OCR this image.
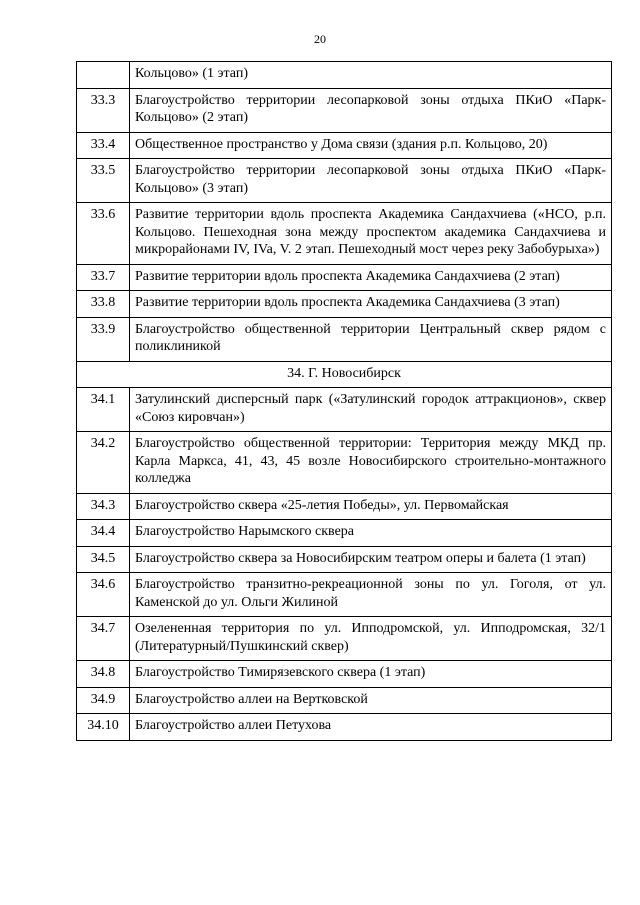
20
	Кольцово» (1 этап)
33.3	Благоустройство территории лесопарковой зоны отдыха ПКиО «Парк-Кольцово» (2 этап)
33.4	Общественное пространство у Дома связи (здания р.п. Кольцово, 20)
33.5	Благоустройство территории лесопарковой зоны отдыха ПКиО «Парк-Кольцово» (3 этап)
33.6	Развитие территории вдоль проспекта Академика Сандахчиева («НСО, р.п. Кольцово. Пешеходная зона между проспектом академика Сандахчиева и микрорайонами IV, IVa, V. 2 этап. Пешеходный мост через реку Забобурыха»)
33.7	Развитие территории вдоль проспекта Академика Сандахчиева (2 этап)
33.8	Развитие территории вдоль проспекта Академика Сандахчиева (3 этап)
33.9	Благоустройство общественной территории Центральный сквер рядом с поликлиникой
34. Г. Новосибирск	
34.1	Затулинский дисперсный парк («Затулинский городок аттракционов», сквер «Союз кировчан»)
34.2	Благоустройство общественной территории: Территория между МКД пр. Карла Маркса, 41, 43, 45 возле Новосибирского строительно-монтажного колледжа
34.3	Благоустройство сквера «25-летия Победы», ул. Первомайская
34.4	Благоустройство Нарымского сквера
34.5	Благоустройство сквера за Новосибирским театром оперы и балета (1 этап)
34.6	Благоустройство транзитно-рекреационной зоны по ул. Гоголя, от ул. Каменской до ул. Ольги Жилиной
34.7	Озелененная территория по ул. Ипподромской, ул. Ипподромская, 32/1 (Литературный/Пушкинский сквер)
34.8	Благоустройство Тимирязевского сквера (1 этап)
34.9	Благоустройство аллеи на Вертковской
34.10	Благоустройство аллеи Петухова
